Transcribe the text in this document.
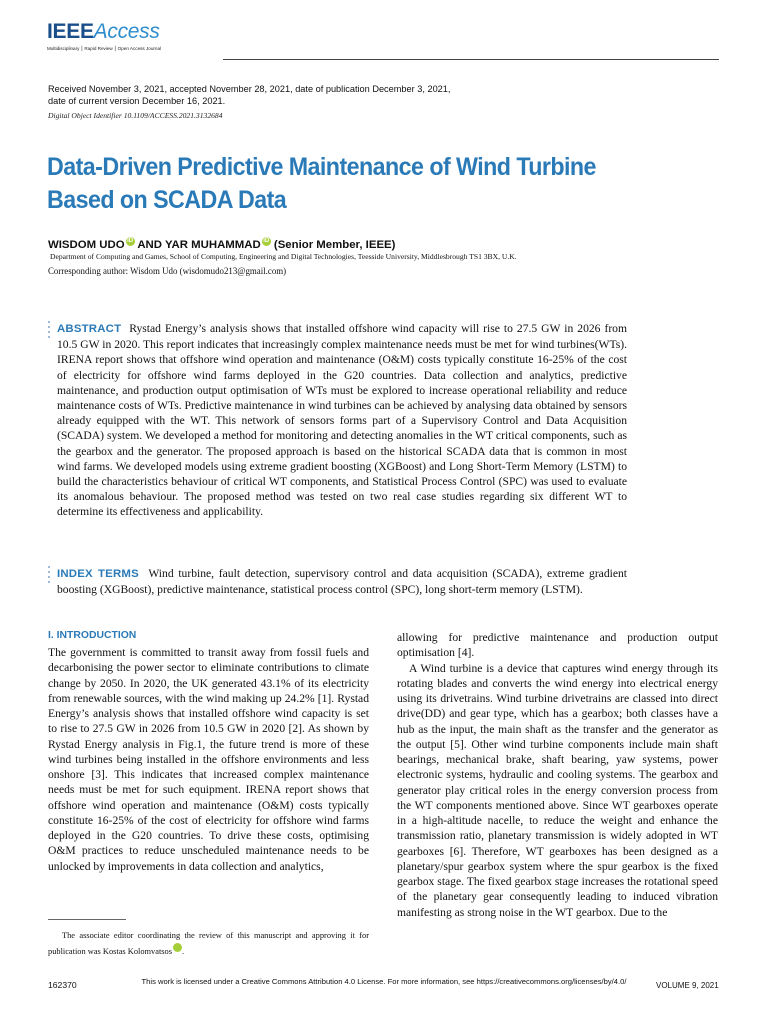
IEEEAccess
Multidisciplinary ⎮ Rapid Review ⎮ Open Access Journal
Received November 3, 2021, accepted November 28, 2021, date of publication December 3, 2021,
date of current version December 16, 2021.
Digital Object Identifier 10.1109/ACCESS.2021.3132684
Data-Driven Predictive Maintenance of Wind Turbine Based on SCADA Data
WISDOM UDO iD AND YAR MUHAMMAD iD (Senior Member, IEEE)
Department of Computing and Games, School of Computing, Engineering and Digital Technologies, Teesside University, Middlesbrough TS1 3BX, U.K.
Corresponding author: Wisdom Udo (wisdomudo213@gmail.com)
ABSTRACT Rystad Energy’s analysis shows that installed offshore wind capacity will rise to 27.5 GW in 2026 from 10.5 GW in 2020. This report indicates that increasingly complex maintenance needs must be met for wind turbines(WTs). IRENA report shows that offshore wind operation and maintenance (O&M) costs typically constitute 16-25% of the cost of electricity for offshore wind farms deployed in the G20 countries. Data collection and analytics, predictive maintenance, and production output optimisation of WTs must be explored to increase operational reliability and reduce maintenance costs of WTs. Predictive maintenance in wind turbines can be achieved by analysing data obtained by sensors already equipped with the WT. This network of sensors forms part of a Supervisory Control and Data Acquisition (SCADA) system. We developed a method for monitoring and detecting anomalies in the WT critical components, such as the gearbox and the generator. The proposed approach is based on the historical SCADA data that is common in most wind farms. We developed models using extreme gradient boosting (XGBoost) and Long Short-Term Memory (LSTM) to build the characteristics behaviour of critical WT components, and Statistical Process Control (SPC) was used to evaluate its anomalous behaviour. The proposed method was tested on two real case studies regarding six different WT to determine its effectiveness and applicability.
INDEX TERMS Wind turbine, fault detection, supervisory control and data acquisition (SCADA), extreme gradient boosting (XGBoost), predictive maintenance, statistical process control (SPC), long short-term memory (LSTM).
I. INTRODUCTION
The government is committed to transit away from fossil fuels and decarbonising the power sector to eliminate contributions to climate change by 2050. In 2020, the UK generated 43.1% of its electricity from renewable sources, with the wind making up 24.2% [1]. Rystad Energy’s analysis shows that installed offshore wind capacity is set to rise to 27.5 GW in 2026 from 10.5 GW in 2020 [2]. As shown by Rystad Energy analysis in Fig.1, the future trend is more of these wind turbines being installed in the offshore environments and less onshore [3]. This indicates that increased complex maintenance needs must be met for such equipment. IRENA report shows that offshore wind operation and maintenance (O&M) costs typically constitute 16-25% of the cost of electricity for offshore wind farms deployed in the G20 countries. To drive these costs, optimising O&M practices to reduce unscheduled maintenance needs to be unlocked by improvements in data collection and analytics,
allowing for predictive maintenance and production output optimisation [4].
A Wind turbine is a device that captures wind energy through its rotating blades and converts the wind energy into electrical energy using its drivetrains. Wind turbine drivetrains are classed into direct drive(DD) and gear type, which has a gearbox; both classes have a hub as the input, the main shaft as the transfer and the generator as the output [5]. Other wind turbine components include main shaft bearings, mechanical brake, shaft bearing, yaw systems, power electronic systems, hydraulic and cooling systems. The gearbox and generator play critical roles in the energy conversion process from the WT components mentioned above. Since WT gearboxes operate in a high-altitude nacelle, to reduce the weight and enhance the transmission ratio, planetary transmission is widely adopted in WT gearboxes [6]. Therefore, WT gearboxes has been designed as a planetary/spur gearbox system where the spur gearbox is the fixed gearbox stage. The fixed gearbox stage increases the rotational speed of the planetary gear consequently leading to induced vibration manifesting as strong noise in the WT gearbox. Due to the
The associate editor coordinating the review of this manuscript and approving it for publication was Kostas Kolomvatsos	iD.
162370	This work is licensed under a Creative Commons Attribution 4.0 License. For more information, see https://creativecommons.org/licenses/by/4.0/	VOLUME 9, 2021
